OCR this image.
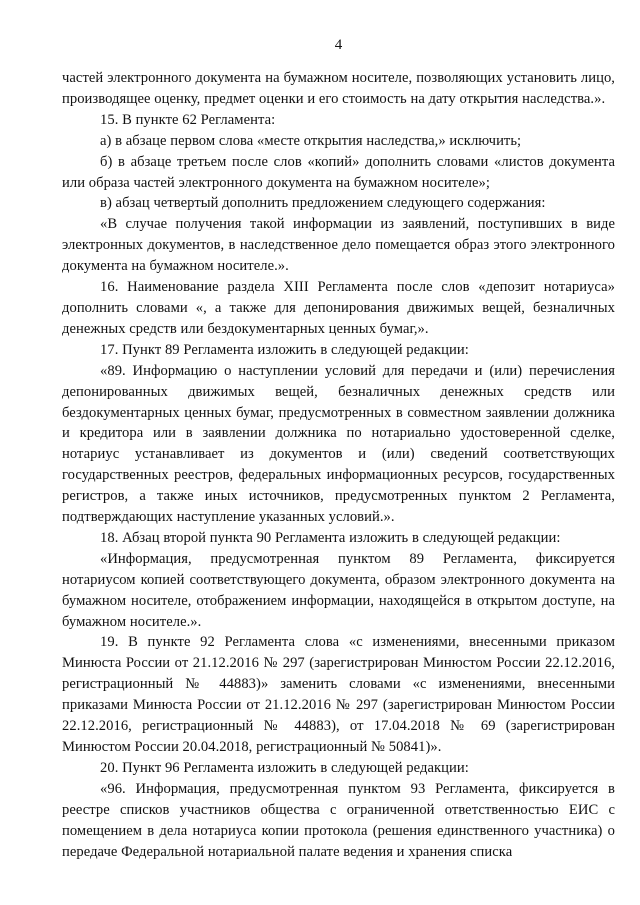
4

частей электронного документа на бумажном носителе, позволяющих установить лицо, производящее оценку, предмет оценки и его стоимость на дату открытия наследства.».

15. В пункте 62 Регламента:

а) в абзаце первом слова «месте открытия наследства,» исключить;

б) в абзаце третьем после слов «копий» дополнить словами «листов документа или образа частей электронного документа на бумажном носителе»;

в) абзац четвертый дополнить предложением следующего содержания:

«В случае получения такой информации из заявлений, поступивших в виде электронных документов, в наследственное дело помещается образ этого электронного документа на бумажном носителе.».

16. Наименование раздела XIII Регламента после слов «депозит нотариуса» дополнить словами «, а также для депонирования движимых вещей, безналичных денежных средств или бездокументарных ценных бумаг,».

17. Пункт 89 Регламента изложить в следующей редакции:

«89. Информацию о наступлении условий для передачи и (или) перечисления депонированных движимых вещей, безналичных денежных средств или бездокументарных ценных бумаг, предусмотренных в совместном заявлении должника и кредитора или в заявлении должника по нотариально удостоверенной сделке, нотариус устанавливает из документов и (или) сведений соответствующих государственных реестров, федеральных информационных ресурсов, государственных регистров, а также иных источников, предусмотренных пунктом 2 Регламента, подтверждающих наступление указанных условий.».

18. Абзац второй пункта 90 Регламента изложить в следующей редакции:

«Информация, предусмотренная пунктом 89 Регламента, фиксируется нотариусом копией соответствующего документа, образом электронного документа на бумажном носителе, отображением информации, находящейся в открытом доступе, на бумажном носителе.».

19. В пункте 92 Регламента слова «с изменениями, внесенными приказом Минюста России от 21.12.2016 № 297 (зарегистрирован Минюстом России 22.12.2016, регистрационный № 44883)» заменить словами «с изменениями, внесенными приказами Минюста России от 21.12.2016 № 297 (зарегистрирован Минюстом России 22.12.2016, регистрационный № 44883), от 17.04.2018 № 69 (зарегистрирован Минюстом России 20.04.2018, регистрационный № 50841)».

20. Пункт 96 Регламента изложить в следующей редакции:

«96. Информация, предусмотренная пунктом 93 Регламента, фиксируется в реестре списков участников общества с ограниченной ответственностью ЕИС с помещением в дела нотариуса копии протокола (решения единственного участника) о передаче Федеральной нотариальной палате ведения и хранения списка
